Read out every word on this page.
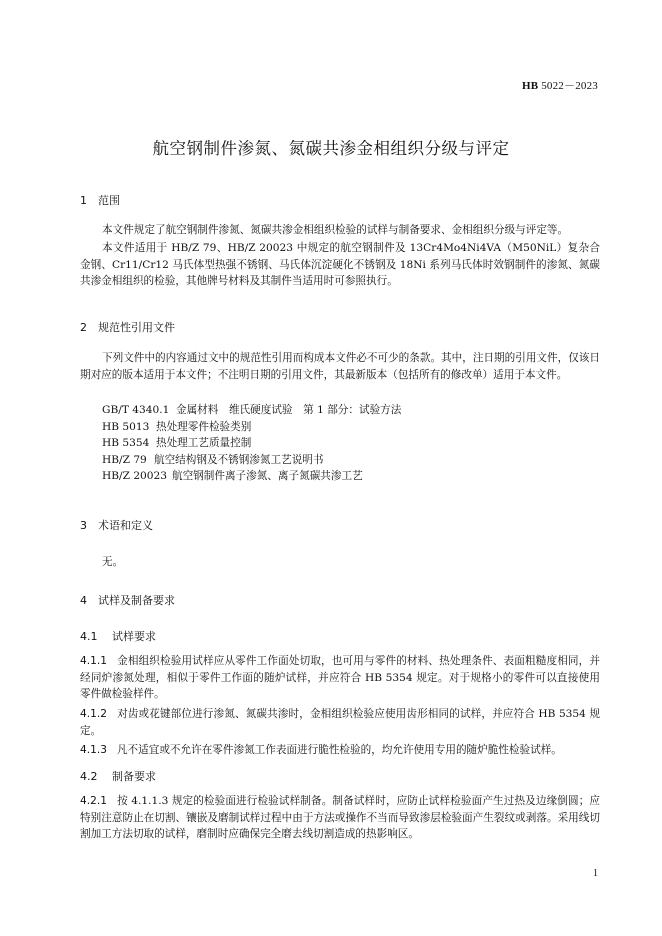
HB 5022－2023
航空钢制件渗氮、氮碳共渗金相组织分级与评定
1 范围
本文件规定了航空钢制件渗氮、氮碳共渗金相组织检验的试样与制备要求、金相组织分级与评定等。
本文件适用于 HB/Z 79、HB/Z 20023 中规定的航空钢制件及 13Cr4Mo4Ni4VA（M50NiL）复杂合金钢、Cr11/Cr12 马氏体型热强不锈钢、马氏体沉淀硬化不锈钢及 18Ni 系列马氏体时效钢制件的渗氮、氮碳共渗金相组织的检验，其他牌号材料及其制件当适用时可参照执行。
2 规范性引用文件
下列文件中的内容通过文中的规范性引用而构成本文件必不可少的条款。其中，注日期的引用文件，仅该日期对应的版本适用于本文件；不注明日期的引用文件，其最新版本（包括所有的修改单）适用于本文件。
GB/T 4340.1 金属材料　维氏硬度试验　第 1 部分：试验方法
HB 5013 热处理零件检验类别
HB 5354 热处理工艺质量控制
HB/Z 79 航空结构钢及不锈钢渗氮工艺说明书
HB/Z 20023 航空钢制件离子渗氮、离子氮碳共渗工艺
3 术语和定义
无。
4 试样及制备要求
4.1 试样要求
4.1.1 金相组织检验用试样应从零件工作面处切取，也可用与零件的材料、热处理条件、表面粗糙度相同，并经同炉渗氮处理，相似于零件工作面的随炉试样，并应符合 HB 5354 规定。对于规格小的零件可以直接使用零件做检验样件。
4.1.2 对齿或花键部位进行渗氮、氮碳共渗时，金相组织检验应使用齿形相同的试样，并应符合 HB 5354 规定。
4.1.3 凡不适宜或不允许在零件渗氮工作表面进行脆性检验的，均允许使用专用的随炉脆性检验试样。
4.2 制备要求
4.2.1 按 4.1.1.3 规定的检验面进行检验试样制备。制备试样时，应防止试样检验面产生过热及边缘倒圆；应特别注意防止在切割、镶嵌及磨制试样过程中由于方法或操作不当而导致渗层检验面产生裂纹或剥落。采用线切割加工方法切取的试样，磨制时应确保完全磨去线切割造成的热影响区。
1
